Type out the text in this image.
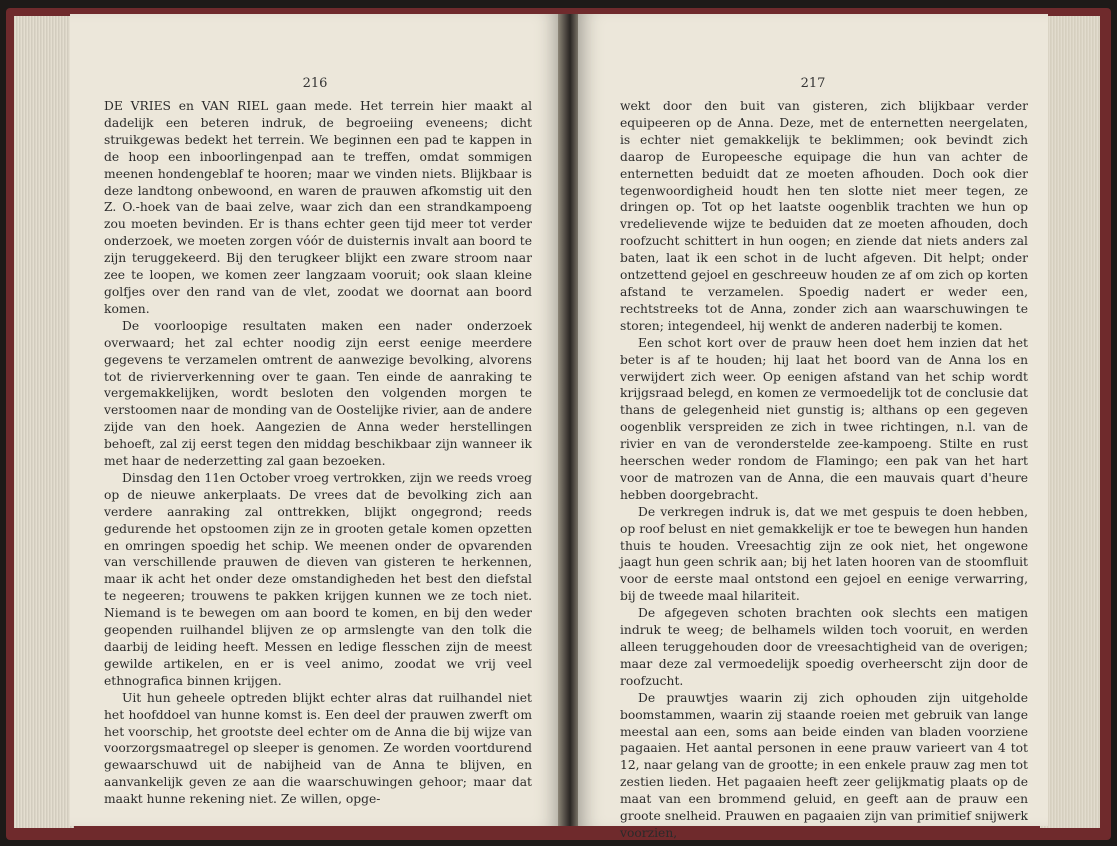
216

DE VRIES en VAN RIEL gaan mede. Het terrein hier maakt al dadelijk een beteren indruk, de begroeiing eveneens; dicht struikgewas bedekt het terrein. We beginnen een pad te kappen in de hoop een inboorlingenpad aan te treffen, omdat sommigen meenen hondengeblaf te hooren; maar we vinden niets. Blijkbaar is deze landtong onbewoond, en waren de prauwen afkomstig uit den Z. O.-hoek van de baai zelve, waar zich dan een strandkampoeng zou moeten bevinden. Er is thans echter geen tijd meer tot verder onderzoek, we moeten zorgen vóór de duisternis invalt aan boord te zijn teruggekeerd. Bij den terugkeer blijkt een zware stroom naar zee te loopen, we komen zeer langzaam vooruit; ook slaan kleine golfjes over den rand van de vlet, zoodat we doornat aan boord komen.

De voorloopige resultaten maken een nader onderzoek overwaard; het zal echter noodig zijn eerst eenige meerdere gegevens te verzamelen omtrent de aanwezige bevolking, alvorens tot de rivierverkenning over te gaan. Ten einde de aanraking te vergemakkelijken, wordt besloten den volgenden morgen te verstoomen naar de monding van de Oostelijke rivier, aan de andere zijde van den hoek. Aangezien de Anna weder herstellingen behoeft, zal zij eerst tegen den middag beschikbaar zijn wanneer ik met haar de nederzetting zal gaan bezoeken.

Dinsdag den 11en October vroeg vertrokken, zijn we reeds vroeg op de nieuwe ankerplaats. De vrees dat de bevolking zich aan verdere aanraking zal onttrekken, blijkt ongegrond; reeds gedurende het opstoomen zijn ze in grooten getale komen opzetten en omringen spoedig het schip. We meenen onder de opvarenden van verschillende prauwen de dieven van gisteren te herkennen, maar ik acht het onder deze omstandigheden het best den diefstal te negeeren; trouwens te pakken krijgen kunnen we ze toch niet. Niemand is te bewegen om aan boord te komen, en bij den weder geopenden ruilhandel blijven ze op armslengte van den tolk die daarbij de leiding heeft. Messen en ledige flesschen zijn de meest gewilde artikelen, en er is veel animo, zoodat we vrij veel ethnografica binnen krijgen.

Uit hun geheele optreden blijkt echter alras dat ruilhandel niet het hoofddoel van hunne komst is. Een deel der prauwen zwerft om het voorschip, het grootste deel echter om de Anna die bij wijze van voorzorgsmaatregel op sleeper is genomen. Ze worden voortdurend gewaarschuwd uit de nabijheid van de Anna te blijven, en aanvankelijk geven ze aan die waarschuwingen gehoor; maar dat maakt hunne rekening niet. Ze willen, opge-

217

wekt door den buit van gisteren, zich blijkbaar verder equipeeren op de Anna. Deze, met de enternetten neergelaten, is echter niet gemakkelijk te beklimmen; ook bevindt zich daarop de Europeesche equipage die hun van achter de enternetten beduidt dat ze moeten afhouden. Doch ook dier tegenwoordigheid houdt hen ten slotte niet meer tegen, ze dringen op. Tot op het laatste oogenblik trachten we hun op vredelievende wijze te beduiden dat ze moeten afhouden, doch roofzucht schittert in hun oogen; en ziende dat niets anders zal baten, laat ik een schot in de lucht afgeven. Dit helpt; onder ontzettend gejoel en geschreeuw houden ze af om zich op korten afstand te verzamelen. Spoedig nadert er weder een, rechtstreeks tot de Anna, zonder zich aan waarschuwingen te storen; integendeel, hij wenkt de anderen naderbij te komen.

Een schot kort over de prauw heen doet hem inzien dat het beter is af te houden; hij laat het boord van de Anna los en verwijdert zich weer. Op eenigen afstand van het schip wordt krijgsraad belegd, en komen ze vermoedelijk tot de conclusie dat thans de gelegenheid niet gunstig is; althans op een gegeven oogenblik verspreiden ze zich in twee richtingen, n.l. van de rivier en van de veronderstelde zee-kampoeng. Stilte en rust heerschen weder rondom de Flamingo; een pak van het hart voor de matrozen van de Anna, die een mauvais quart d'heure hebben doorgebracht.

De verkregen indruk is, dat we met gespuis te doen hebben, op roof belust en niet gemakkelijk er toe te bewegen hun handen thuis te houden. Vreesachtig zijn ze ook niet, het ongewone jaagt hun geen schrik aan; bij het laten hooren van de stoomfluit voor de eerste maal ontstond een gejoel en eenige verwarring, bij de tweede maal hilariteit.

De afgegeven schoten brachten ook slechts een matigen indruk te weeg; de belhamels wilden toch vooruit, en werden alleen teruggehouden door de vreesachtigheid van de overigen; maar deze zal vermoedelijk spoedig overheerscht zijn door de roofzucht.

De prauwtjes waarin zij zich ophouden zijn uitgeholde boomstammen, waarin zij staande roeien met gebruik van lange meestal aan een, soms aan beide einden van bladen voorziene pagaaien. Het aantal personen in eene prauw varieert van 4 tot 12, naar gelang van de grootte; in een enkele prauw zag men tot zestien lieden. Het pagaaien heeft zeer gelijkmatig plaats op de maat van een brommend geluid, en geeft aan de prauw een groote snelheid. Prauwen en pagaaien zijn van primitief snijwerk voorzien,
